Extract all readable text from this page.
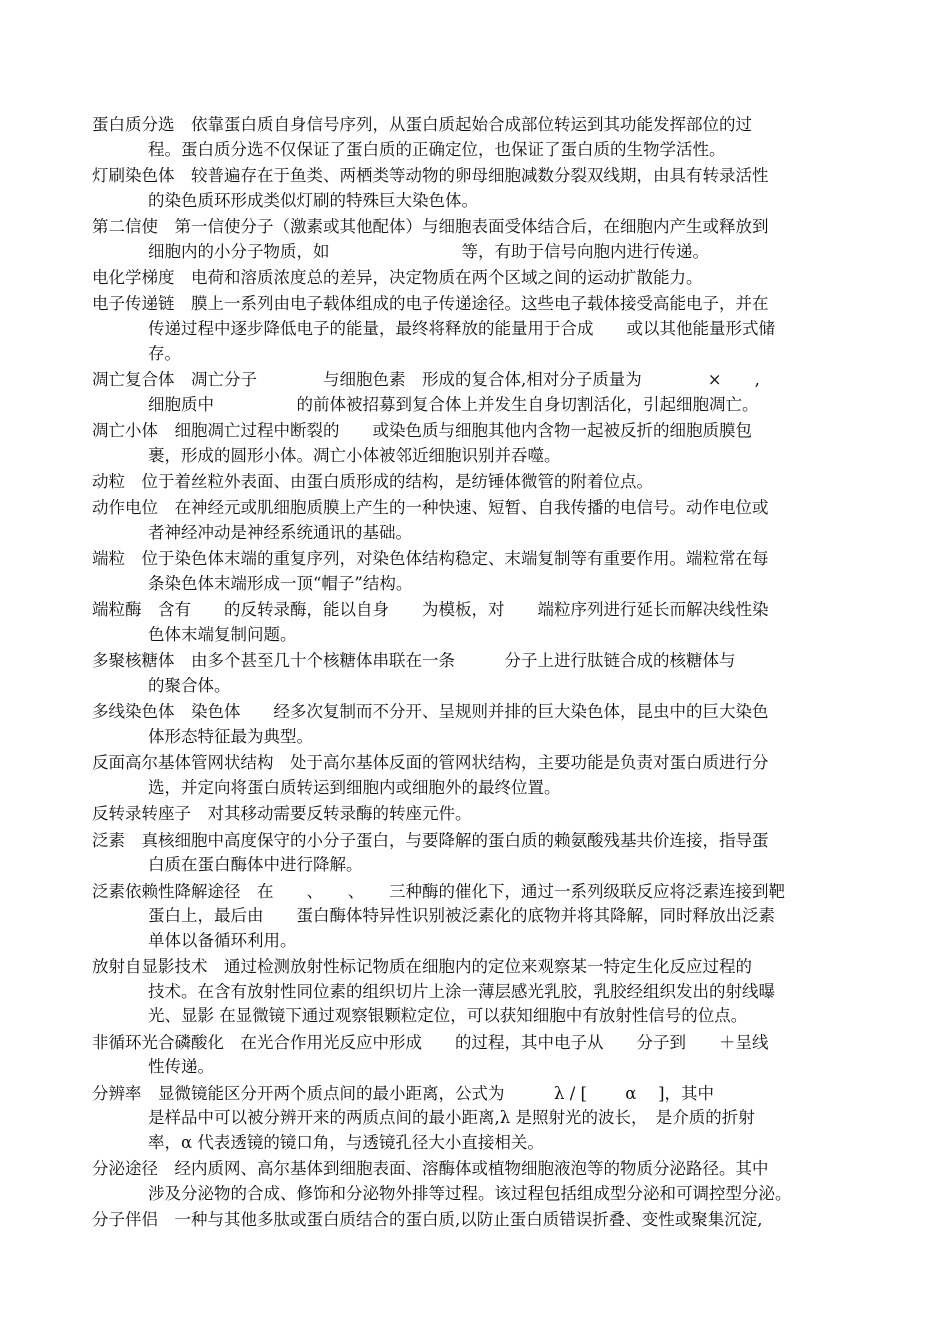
蛋白质分选　依靠蛋白质自身信号序列，从蛋白质起始合成部位转运到其功能发挥部位的过
程。蛋白质分选不仅保证了蛋白质的正确定位，也保证了蛋白质的生物学活性。
灯刷染色体　较普遍存在于鱼类、两栖类等动物的卵母细胞减数分裂双线期，由具有转录活性
的染色质环形成类似灯刷的特殊巨大染色体。
第二信使　第一信使分子（激素或其他配体）与细胞表面受体结合后，在细胞内产生或释放到
细胞内的小分子物质，如　　　　　　　　等，有助于信号向胞内进行传递。
电化学梯度　电荷和溶质浓度总的差异，决定物质在两个区域之间的运动扩散能力。
电子传递链　膜上一系列由电子载体组成的电子传递途径。这些电子载体接受高能电子，并在
传递过程中逐步降低电子的能量，最终将释放的能量用于合成　　或以其他能量形式储
存。
凋亡复合体　凋亡分子　　　　与细胞色素　形成的复合体,相对分子质量为　　　　×　　,
细胞质中　　　　　的前体被招募到复合体上并发生自身切割活化，引起细胞凋亡。
凋亡小体　细胞凋亡过程中断裂的　　或染色质与细胞其他内含物一起被反折的细胞质膜包
裹，形成的圆形小体。凋亡小体被邻近细胞识别并吞噬。
动粒　位于着丝粒外表面、由蛋白质形成的结构，是纺锤体微管的附着位点。
动作电位　在神经元或肌细胞质膜上产生的一种快速、短暂、自我传播的电信号。动作电位或
者神经冲动是神经系统通讯的基础。
端粒　位于染色体末端的重复序列，对染色体结构稳定、末端复制等有重要作用。端粒常在每
条染色体末端形成一顶“帽子”结构。
端粒酶　含有　　的反转录酶，能以自身　　为模板，对　　端粒序列进行延长而解决线性染
色体末端复制问题。
多聚核糖体　由多个甚至几十个核糖体串联在一条　　　分子上进行肽链合成的核糖体与
的聚合体。
多线染色体　染色体　　经多次复制而不分开、呈规则并排的巨大染色体，昆虫中的巨大染色
体形态特征最为典型。
反面高尔基体管网状结构　处于高尔基体反面的管网状结构，主要功能是负责对蛋白质进行分
选，并定向将蛋白质转运到细胞内或细胞外的最终位置。
反转录转座子　对其移动需要反转录酶的转座元件。
泛素　真核细胞中高度保守的小分子蛋白，与要降解的蛋白质的赖氨酸残基共价连接，指导蛋
白质在蛋白酶体中进行降解。
泛素依赖性降解途径　在　　、　　、　　三种酶的催化下，通过一系列级联反应将泛素连接到靶
蛋白上，最后由　　蛋白酶体特异性识别被泛素化的底物并将其降解，同时释放出泛素
单体以备循环利用。
放射自显影技术　通过检测放射性标记物质在细胞内的定位来观察某一特定生化反应过程的
技术。在含有放射性同位素的组织切片上涂一薄层感光乳胶，乳胶经组织发出的射线曝
光、显影 在显微镜下通过观察银颗粒定位，可以获知细胞中有放射性信号的位点。
非循环光合磷酸化　在光合作用光反应中形成　　的过程，其中电子从　　分子到　　＋呈线
性传递。
分辨率　显微镜能区分开两个质点间的最小距离，公式为　　　λ / [　　 α　 ]，其中
是样品中可以被分辨开来的两质点间的最小距离,λ 是照射光的波长，　是介质的折射
率，α 代表透镜的镜口角，与透镜孔径大小直接相关。
分泌途径　经内质网、高尔基体到细胞表面、溶酶体或植物细胞液泡等的物质分泌路径。其中
涉及分泌物的合成、修饰和分泌物外排等过程。该过程包括组成型分泌和可调控型分泌。
分子伴侣　一种与其他多肽或蛋白质结合的蛋白质,以防止蛋白质错误折叠、变性或聚集沉淀,
